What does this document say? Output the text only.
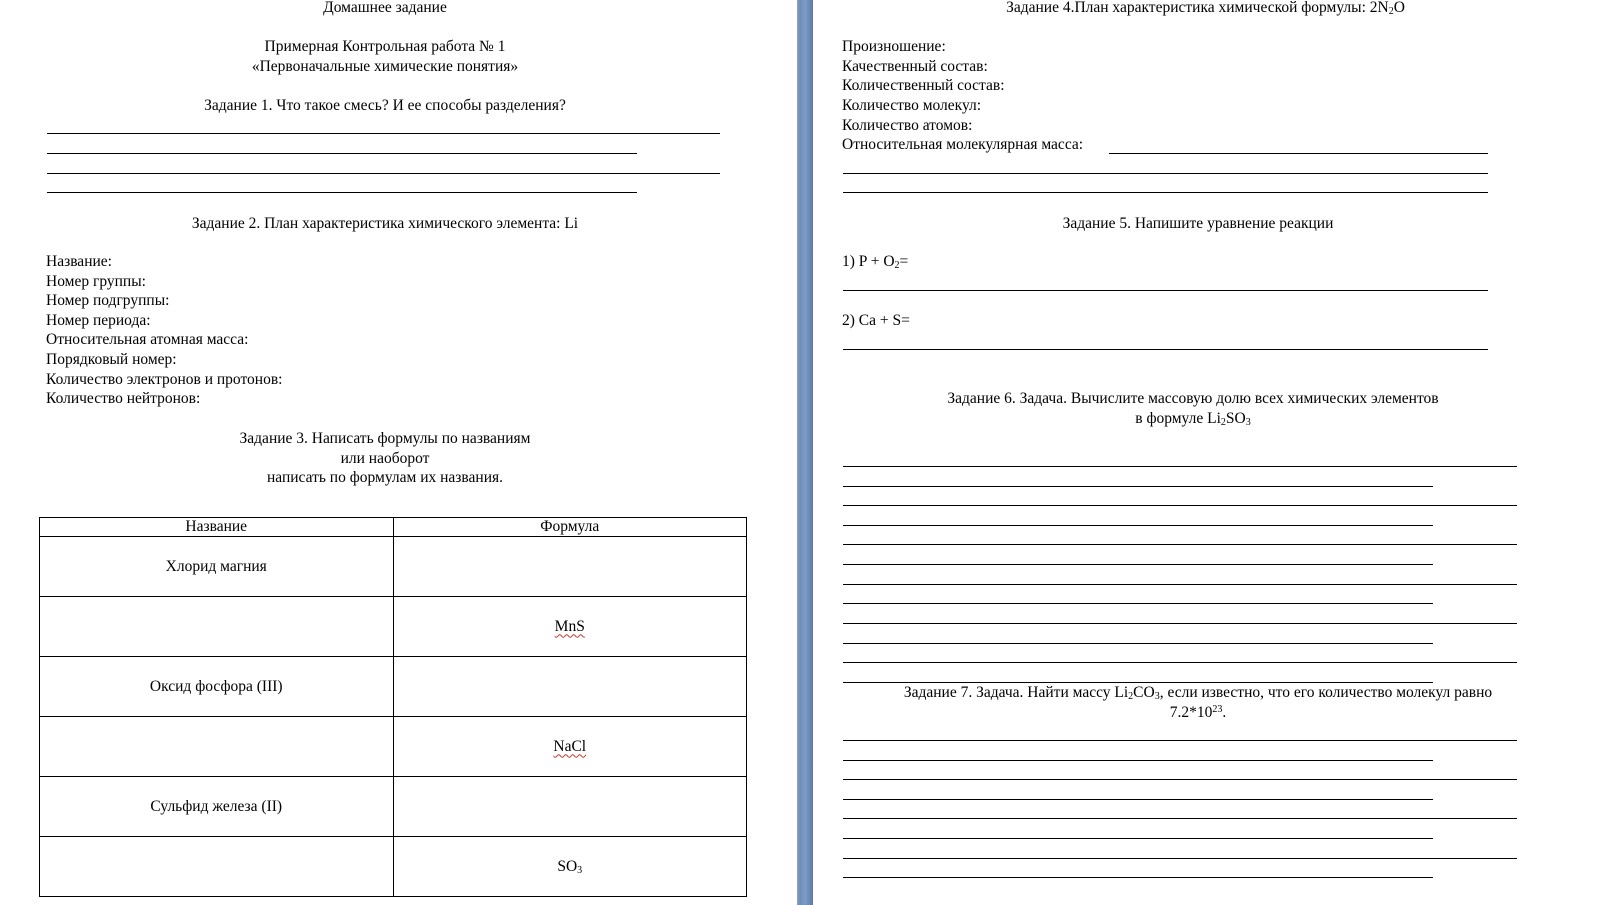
Домашнее задание
Примерная Контрольная работа № 1
«Первоначальные химические понятия»
Задание 1. Что такое смесь? И ее способы разделения?
Задание 2. План характеристика химического элемента: Li
Название:
Номер группы:
Номер подгруппы:
Номер периода:
Относительная атомная масса:
Порядковый номер:
Количество электронов и протонов:
Количество нейтронов:
Задание 3. Написать формулы по названиям
или наоборот
написать по формулам их названия.
Название	Формула
Хлорид магния	
	MnS
Оксид фосфора (III)	
	NaCl
Сульфид железа (II)	
	$SO_3$
Задание 4.План характеристика химической формулы: $2N_2O$
Произношение:
Качественный состав:
Количественный состав:
Количество молекул:
Количество атомов:
Относительная молекулярная масса:
Задание 5. Напишите уравнение реакции
1) $P + O_2=$
2) Ca + S=
Задание 6. Задача. Вычислите массовую долю всех химических элементов
в формуле $Li_2SO_3$
Задание 7. Задача. Найти массу $Li_2CO_3$, если известно, что его количество молекул равно
$7.2*10^{23}$.
